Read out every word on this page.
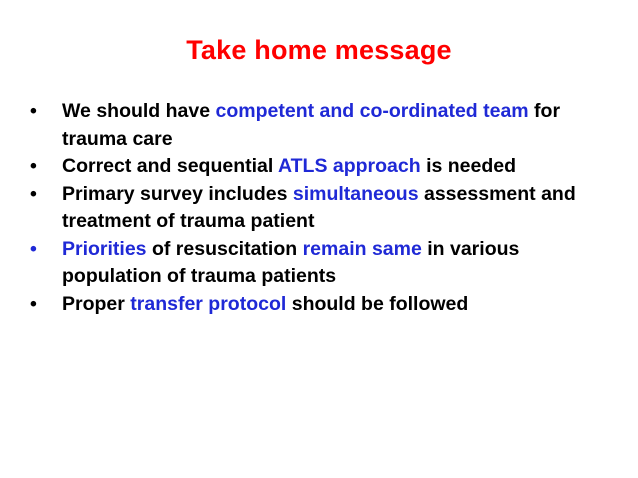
Take home message
•	We should have competent and co-ordinated team for trauma care
•	Correct and sequential ATLS approach is needed
•	Primary survey includes simultaneous assessment and treatment of trauma patient
•	Priorities of resuscitation remain same in various population of trauma patients
•	Proper transfer protocol should be followed
